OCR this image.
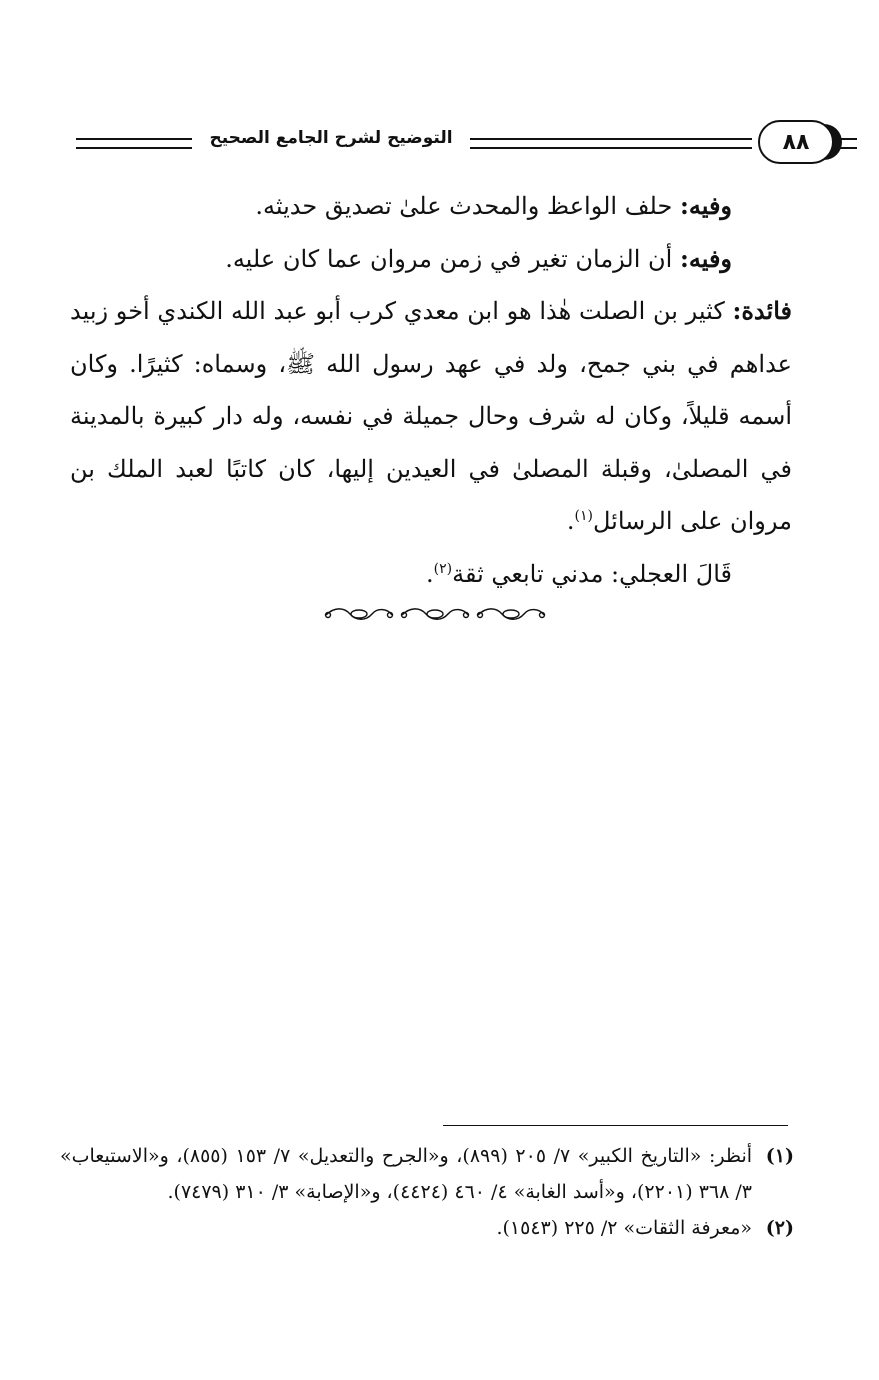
التوضيح لشرح الجامع الصحيح	٨٨

وفيه: حلف الواعظ والمحدث علىٰ تصديق حديثه.

وفيه: أن الزمان تغير في زمن مروان عما كان عليه.

فائدة: كثير بن الصلت هٰذا هو ابن معدي كرب أبو عبد الله الكندي أخو زبيد عداهم في بني جمح، ولد في عهد رسول الله ﷺ، وسماه: كثيرًا. وكان أسمه قليلاً، وكان له شرف وحال جميلة في نفسه، وله دار كبيرة بالمدينة في المصلىٰ، وقبلة المصلىٰ في العيدين إليها، كان كاتبًا لعبد الملك بن مروان على الرسائل$^{(١)}$.

قَالَ العجلي: مدني تابعي ثقة$^{(٢)}$.

(١)
أنظر: «التاريخ الكبير» ٧/ ٢٠٥ (٨٩٩)، و«الجرح والتعديل» ٧/ ١٥٣ (٨٥٥)، و«الاستيعاب» ٣/ ٣٦٨ (٢٢٠١)، و«أسد الغابة» ٤/ ٤٦٠ (٤٤٢٤)، و«الإصابة» ٣/ ٣١٠ (٧٤٧٩).
(٢)
«معرفة الثقات» ٢/ ٢٢٥ (١٥٤٣).
